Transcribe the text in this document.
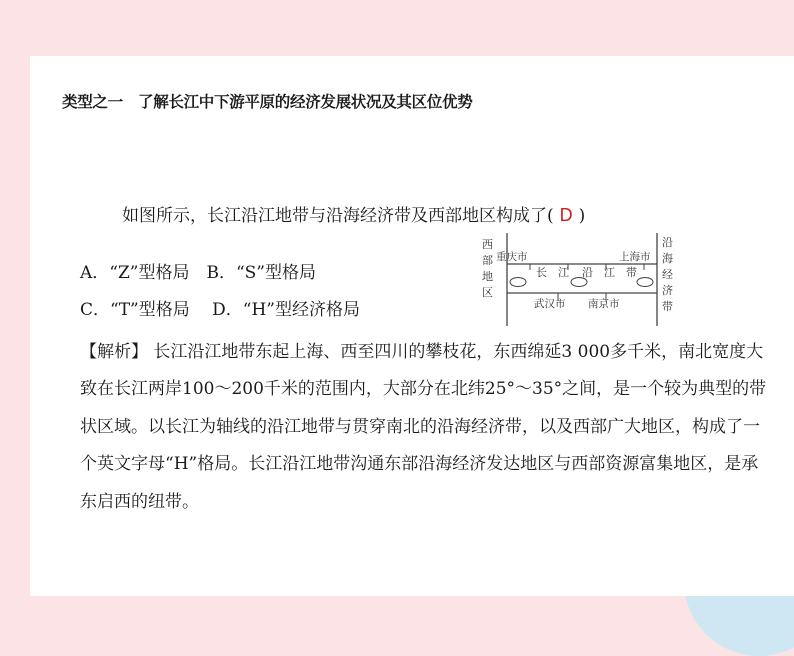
类型之一　了解长江中下游平原的经济发展状况及其区位优势
如图所示，长江沿江地带与沿海经济带及西部地区构成了( D )
A．“Z”型格局　B．“S”型格局
C．“T”型格局　 D．“H”型经济格局
西
部
地
区
沿
海
经
济
带
重庆市	上海市
长 江 沿 江 带
武汉市 南京市
【解析】 长江沿江地带东起上海、西至四川的攀枝花，东西绵延3 000多千米，南北宽度大致在长江两岸100～200千米的范围内，大部分在北纬25°～35°之间，是一个较为典型的带状区域。以长江为轴线的沿江地带与贯穿南北的沿海经济带，以及西部广大地区，构成了一个英文字母“H”格局。长江沿江地带沟通东部沿海经济发达地区与西部资源富集地区，是承东启西的纽带。
